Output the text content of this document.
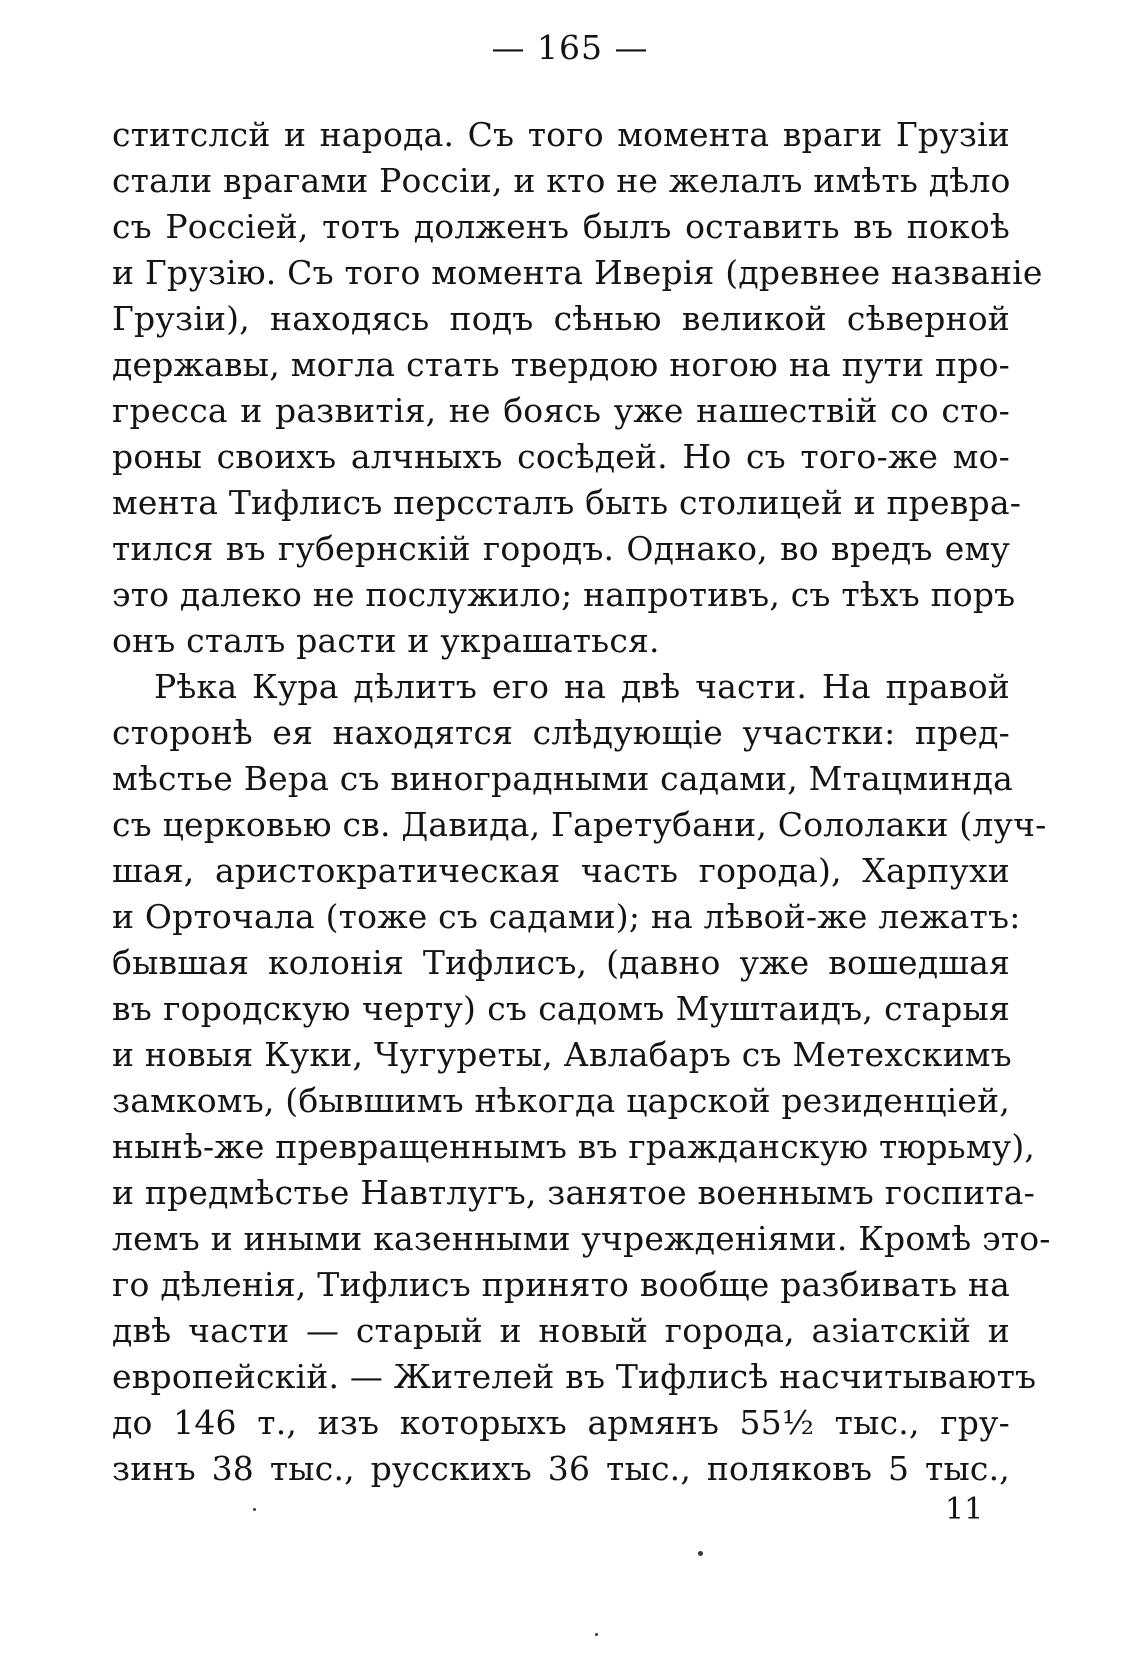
— 165 —
ститслсй и народа. Съ того момента враги Грузіи
стали врагами Россіи, и кто не желалъ имѣть дѣло
съ Россіей, тотъ долженъ былъ оставить въ покоѣ
и Грузію. Съ того момента Иверія (древнее названіе
Грузіи), находясь подъ сѣнью великой сѣверной
державы, могла стать твердою ногою на пути про-
гресса и развитія, не боясь уже нашествій со сто-
роны своихъ алчныхъ сосѣдей. Но съ того-же мо-
мента Тифлисъ перссталъ быть столицей и превра-
тился въ губернскій городъ. Однако, во вредъ ему
это далеко не послужило; напротивъ, съ тѣхъ поръ
онъ сталъ расти и украшаться.
Рѣка Кура дѣлитъ его на двѣ части. На правой
сторонѣ ея находятся слѣдующіе участки: пред-
мѣстье Вера съ виноградными садами, Мтацминда
съ церковью св. Давида, Гаретубани, Сололаки (луч-
шая, аристократическая часть города), Харпухи
и Орточала (тоже съ садами); на лѣвой-же лежатъ:
бывшая колонія Тифлисъ, (давно уже вошедшая
въ городскую черту) съ садомъ Муштаидъ, старыя
и новыя Куки, Чугуреты, Авлабаръ съ Метехскимъ
замкомъ, (бывшимъ нѣкогда царской резиденціей,
нынѣ-же превращеннымъ въ гражданскую тюрьму),
и предмѣстье Навтлугъ, занятое военнымъ госпита-
лемъ и иными казенными учрежденіями. Кромѣ это-
го дѣленія, Тифлисъ принято вообще разбивать на
двѣ части — старый и новый города, азіатскій и
европейскій. — Жителей въ Тифлисѣ насчитываютъ
до 146 т., изъ которыхъ армянъ 55½ тыс., гру-
зинъ 38 тыс., русскихъ 36 тыс., поляковъ 5 тыс.,
11
